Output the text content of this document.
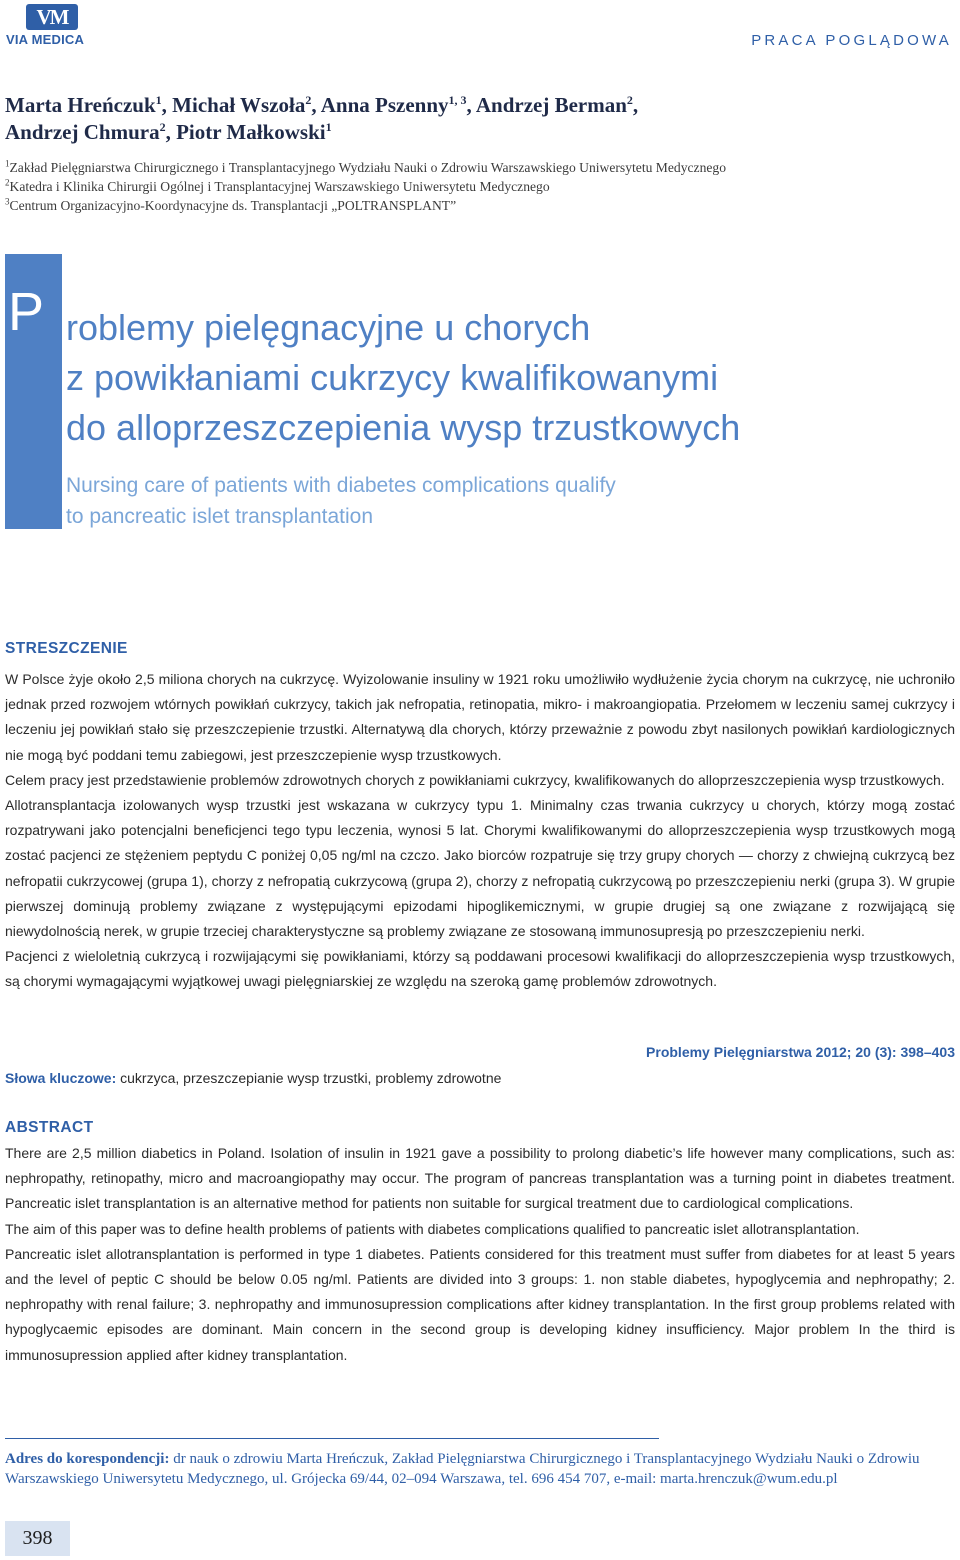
VM
VIA MEDICA	PRACA POGLĄDOWA
Marta Hreńczuk$^1$, Michał Wszoła$^2$, Anna Pszenny$^{1, 3}$, Andrzej Berman$^2$,
Andrzej Chmura$^2$, Piotr Małkowski$^1$
$^1$Zakład Pielęgniarstwa Chirurgicznego i Transplantacyjnego Wydziału Nauki o Zdrowiu Warszawskiego Uniwersytetu Medycznego
$^2$Katedra i Klinika Chirurgii Ogólnej i Transplantacyjnej Warszawskiego Uniwersytetu Medycznego
$^3$Centrum Organizacyjno-Koordynacyjne ds. Transplantacji „POLTRANSPLANT”
P roblemy pielęgnacyjne u chorych
z powikłaniami cukrzycy kwalifikowanymi
do alloprzeszczepienia wysp trzustkowych
Nursing care of patients with diabetes complications qualify
to pancreatic islet transplantation
STRESZCZENIE

W Polsce żyje około 2,5 miliona chorych na cukrzycę. Wyizolowanie insuliny w 1921 roku umożliwiło wydłużenie życia chorym na cukrzycę, nie uchroniło jednak przed rozwojem wtórnych powikłań cukrzycy, takich jak nefropatia, retinopatia, mikro- i makroangiopatia. Przełomem w leczeniu samej cukrzycy i leczeniu jej powikłań stało się przeszczepienie trzustki. Alternatywą dla chorych, którzy przeważnie z powodu zbyt nasilonych powikłań kardiologicznych nie mogą być poddani temu zabiegowi, jest przeszczepienie wysp trzustkowych.

Celem pracy jest przedstawienie problemów zdrowotnych chorych z powikłaniami cukrzycy, kwalifikowanych do alloprzeszczepienia wysp trzustkowych.

Allotransplantacja izolowanych wysp trzustki jest wskazana w cukrzycy typu 1. Minimalny czas trwania cukrzycy u chorych, którzy mogą zostać rozpatrywani jako potencjalni beneficjenci tego typu leczenia, wynosi 5 lat. Chorymi kwalifikowanymi do alloprzeszczepienia wysp trzustkowych mogą zostać pacjenci ze stężeniem peptydu C poniżej 0,05 ng/ml na czczo. Jako biorców rozpatruje się trzy grupy chorych — chorzy z chwiejną cukrzycą bez nefropatii cukrzycowej (grupa 1), chorzy z nefropatią cukrzycową (grupa 2), chorzy z nefropatią cukrzycową po przeszczepieniu nerki (grupa 3). W grupie pierwszej dominują problemy związane z występującymi epizodami hipoglikemicznymi, w grupie drugiej są one związane z rozwijającą się niewydolnością nerek, w grupie trzeciej charakterystyczne są problemy związane ze stosowaną immunosupresją po przeszczepieniu nerki.

Pacjenci z wieloletnią cukrzycą i rozwijającymi się powikłaniami, którzy są poddawani procesowi kwalifikacji do alloprzeszczepienia wysp trzustkowych, są chorymi wymagającymi wyjątkowej uwagi pielęgniarskiej ze względu na szeroką gamę problemów zdrowotnych.

Problemy Pielęgniarstwa 2012; 20 (3): 398–403
Słowa kluczowe: cukrzyca, przeszczepianie wysp trzustki, problemy zdrowotne
ABSTRACT

There are 2,5 million diabetics in Poland. Isolation of insulin in 1921 gave a possibility to prolong diabetic’s life however many complications, such as: nephropathy, retinopathy, micro and macroangiopathy may occur. The program of pancreas transplantation was a turning point in diabetes treatment. Pancreatic islet transplantation is an alternative method for patients non suitable for surgical treatment due to cardiological complications.

The aim of this paper was to define health problems of patients with diabetes complications qualified to pancreatic islet allotransplantation.

Pancreatic islet allotransplantation is performed in type 1 diabetes. Patients considered for this treatment must suffer from diabetes for at least 5 years and the level of peptic C should be below 0.05 ng/ml. Patients are divided into 3 groups: 1. non stable diabetes, hypoglycemia and nephropathy; 2. nephropathy with renal failure; 3. nephropathy and immunosupression complications after kidney transplantation. In the first group problems related with hypoglycaemic episodes are dominant. Main concern in the second group is developing kidney insufficiency. Major problem In the third is immunosupression applied after kidney transplantation.

Adres do korespondencji: dr nauk o zdrowiu Marta Hreńczuk, Zakład Pielęgniarstwa Chirurgicznego i Transplantacyjnego Wydziału Nauki o Zdrowiu Warszawskiego Uniwersytetu Medycznego, ul. Grójecka 69/44, 02–094 Warszawa, tel. 696 454 707, e-mail: marta.hrenczuk@wum.edu.pl
398
